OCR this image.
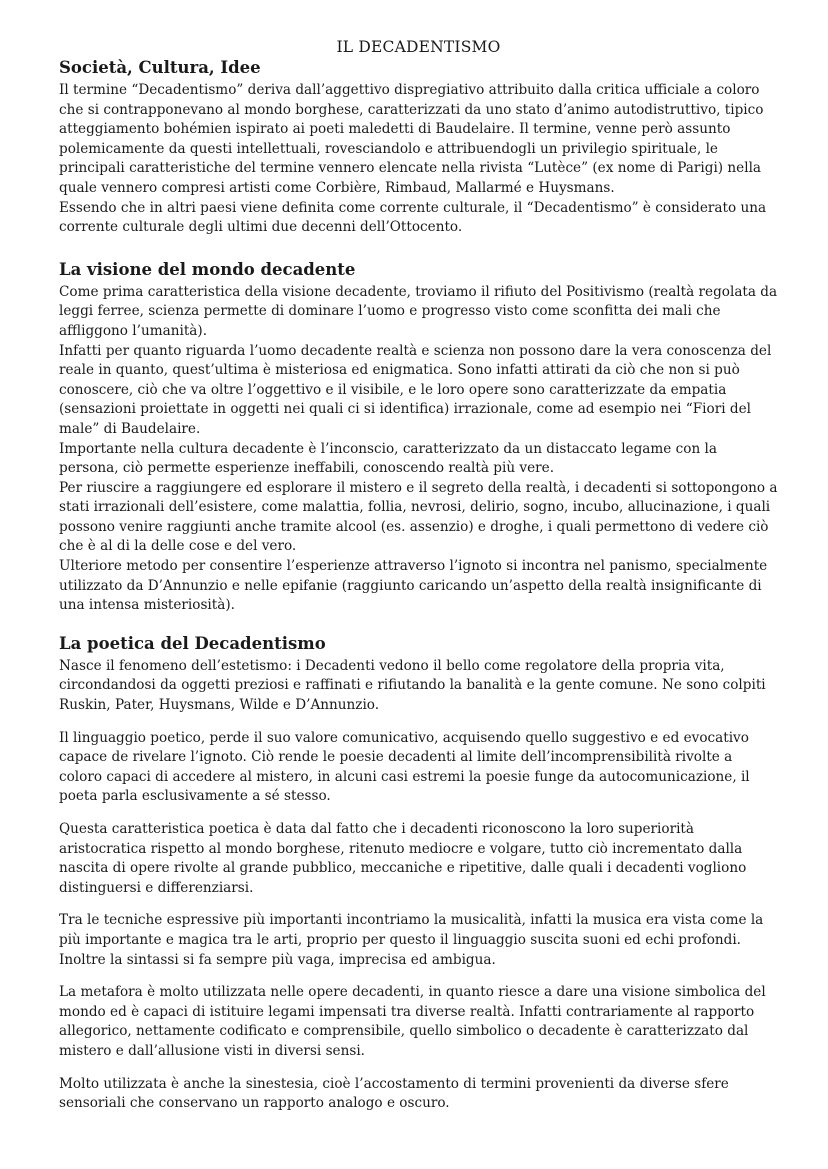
IL DECADENTISMO
Società, Cultura, Idee

Il termine “Decadentismo” deriva dall’aggettivo dispregiativo attribuito dalla critica ufficiale a coloro che si contrapponevano al mondo borghese, caratterizzati da uno stato d’animo autodistruttivo, tipico atteggiamento bohémien ispirato ai poeti maledetti di Baudelaire. Il termine, venne però assunto polemicamente da questi intellettuali, rovesciandolo e attribuendogli un privilegio spirituale, le principali caratteristiche del termine vennero elencate nella rivista “Lutèce” (ex nome di Parigi) nella quale vennero compresi artisti come Corbière, Rimbaud, Mallarmé e Huysmans.

Essendo che in altri paesi viene definita come corrente culturale, il “Decadentismo” è considerato una corrente culturale degli ultimi due decenni dell’Ottocento.

La visione del mondo decadente

Come prima caratteristica della visione decadente, troviamo il rifiuto del Positivismo (realtà regolata da leggi ferree, scienza permette di dominare l’uomo e progresso visto come sconfitta dei mali che affliggono l’umanità).

Infatti per quanto riguarda l’uomo decadente realtà e scienza non possono dare la vera conoscenza del reale in quanto, quest’ultima è misteriosa ed enigmatica. Sono infatti attirati da ciò che non si può conoscere, ciò che va oltre l’oggettivo e il visibile, e le loro opere sono caratterizzate da empatia (sensazioni proiettate in oggetti nei quali ci si identifica) irrazionale, come ad esempio nei “Fiori del male” di Baudelaire.

Importante nella cultura decadente è l’inconscio, caratterizzato da un distaccato legame con la persona, ciò permette esperienze ineffabili, conoscendo realtà più vere.

Per riuscire a raggiungere ed esplorare il mistero e il segreto della realtà, i decadenti si sottopongono a stati irrazionali dell’esistere, come malattia, follia, nevrosi, delirio, sogno, incubo, allucinazione, i quali possono venire raggiunti anche tramite alcool (es. assenzio) e droghe, i quali permettono di vedere ciò che è al di la delle cose e del vero.

Ulteriore metodo per consentire l’esperienze attraverso l’ignoto si incontra nel panismo, specialmente utilizzato da D’Annunzio e nelle epifanie (raggiunto caricando un’aspetto della realtà insignificante di una intensa misteriosità).

La poetica del Decadentismo

Nasce il fenomeno dell’estetismo: i Decadenti vedono il bello come regolatore della propria vita, circondandosi da oggetti preziosi e raffinati e rifiutando la banalità e la gente comune. Ne sono colpiti Ruskin, Pater, Huysmans, Wilde e D’Annunzio.

Il linguaggio poetico, perde il suo valore comunicativo, acquisendo quello suggestivo e ed evocativo capace de rivelare l’ignoto. Ciò rende le poesie decadenti al limite dell’incomprensibilità rivolte a coloro capaci di accedere al mistero, in alcuni casi estremi la poesie funge da autocomunicazione, il poeta parla esclusivamente a sé stesso.

Questa caratteristica poetica è data dal fatto che i decadenti riconoscono la loro superiorità aristocratica rispetto al mondo borghese, ritenuto mediocre e volgare, tutto ciò incrementato dalla nascita di opere rivolte al grande pubblico, meccaniche e ripetitive, dalle quali i decadenti vogliono distinguersi e differenziarsi.

Tra le tecniche espressive più importanti incontriamo la musicalità, infatti la musica era vista come la più importante e magica tra le arti, proprio per questo il linguaggio suscita suoni ed echi profondi. Inoltre la sintassi si fa sempre più vaga, imprecisa ed ambigua.

La metafora è molto utilizzata nelle opere decadenti, in quanto riesce a dare una visione simbolica del mondo ed è capaci di istituire legami impensati tra diverse realtà. Infatti contrariamente al rapporto allegorico, nettamente codificato e comprensibile, quello simbolico o decadente è caratterizzato dal mistero e dall’allusione visti in diversi sensi.

Molto utilizzata è anche la sinestesia, cioè l’accostamento di termini provenienti da diverse sfere sensoriali che conservano un rapporto analogo e oscuro.
